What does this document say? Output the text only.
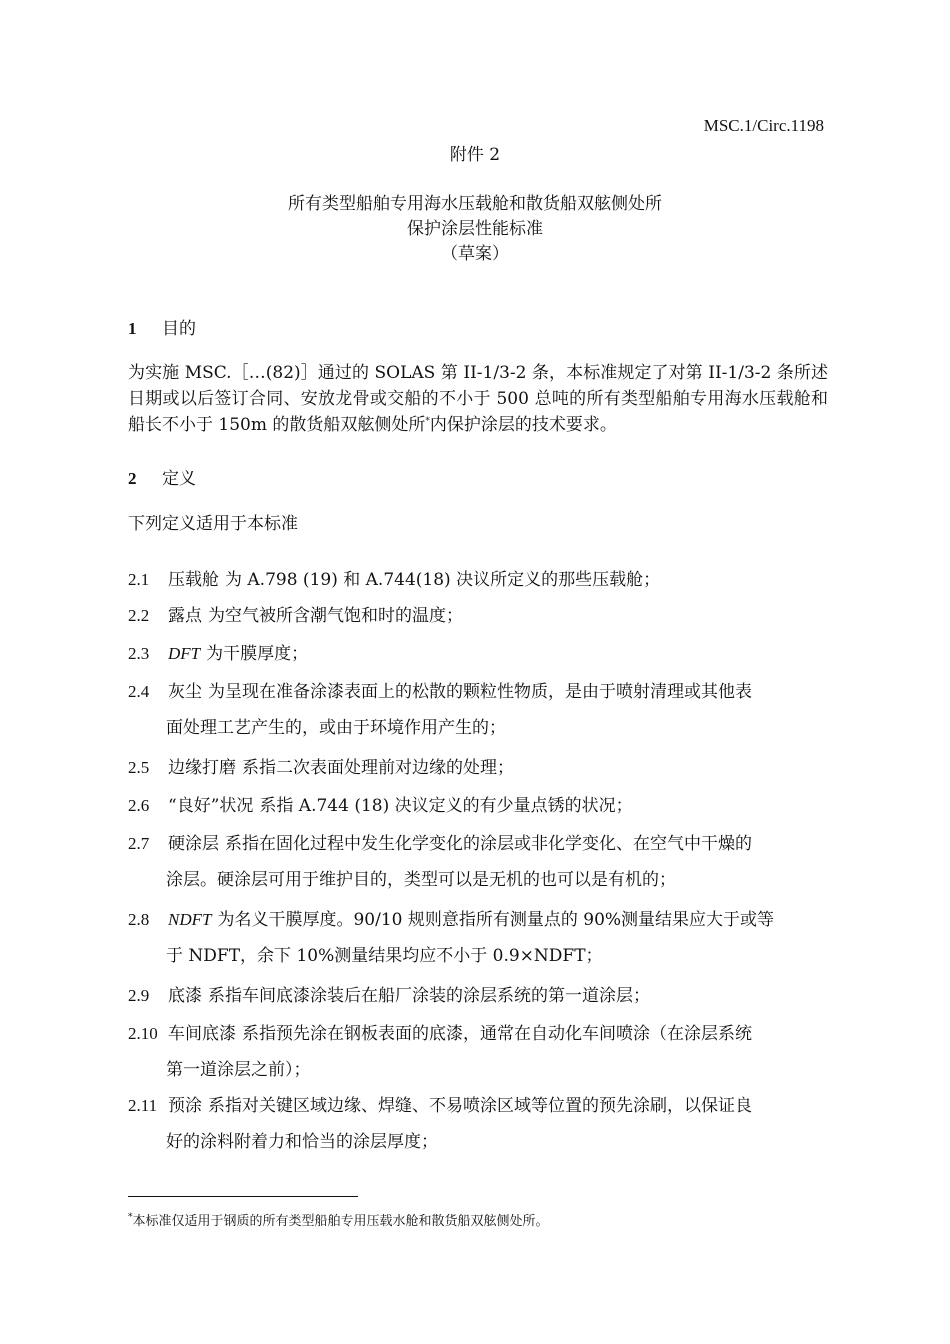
MSC.1/Circ.1198
附件 2
所有类型船舶专用海水压载舱和散货船双舷侧处所
保护涂层性能标准
（草案）
1 目的
为实施 MSC.［…(82)］通过的 SOLAS 第 II-1/3-2 条，本标准规定了对第 II-1/3-2 条所述日期或以后签订合同、安放龙骨或交船的不小于 500 总吨的所有类型船舶专用海水压载舱和船长不小于 150m 的散货船双舷侧处所*内保护涂层的技术要求。
2 定义
下列定义适用于本标准
2.1 压载舱 为 A.798 (19) 和 A.744(18) 决议所定义的那些压载舱；
2.2 露点 为空气被所含潮气饱和时的温度；
2.3 DFT 为干膜厚度；
2.4 灰尘 为呈现在准备涂漆表面上的松散的颗粒性物质，是由于喷射清理或其他表
面处理工艺产生的，或由于环境作用产生的；
2.5 边缘打磨 系指二次表面处理前对边缘的处理；
2.6 “良好”状况 系指 A.744 (18) 决议定义的有少量点锈的状况；
2.7 硬涂层 系指在固化过程中发生化学变化的涂层或非化学变化、在空气中干燥的
涂层。硬涂层可用于维护目的，类型可以是无机的也可以是有机的；
2.8 NDFT 为名义干膜厚度。90/10 规则意指所有测量点的 90%测量结果应大于或等
于 NDFT，余下 10%测量结果均应不小于 0.9×NDFT；
2.9 底漆 系指车间底漆涂装后在船厂涂装的涂层系统的第一道涂层；
2.10 车间底漆 系指预先涂在钢板表面的底漆，通常在自动化车间喷涂（在涂层系统
第一道涂层之前）；
2.11 预涂 系指对关键区域边缘、焊缝、不易喷涂区域等位置的预先涂刷，以保证良
好的涂料附着力和恰当的涂层厚度；
*本标准仅适用于钢质的所有类型船舶专用压载水舱和散货船双舷侧处所。
